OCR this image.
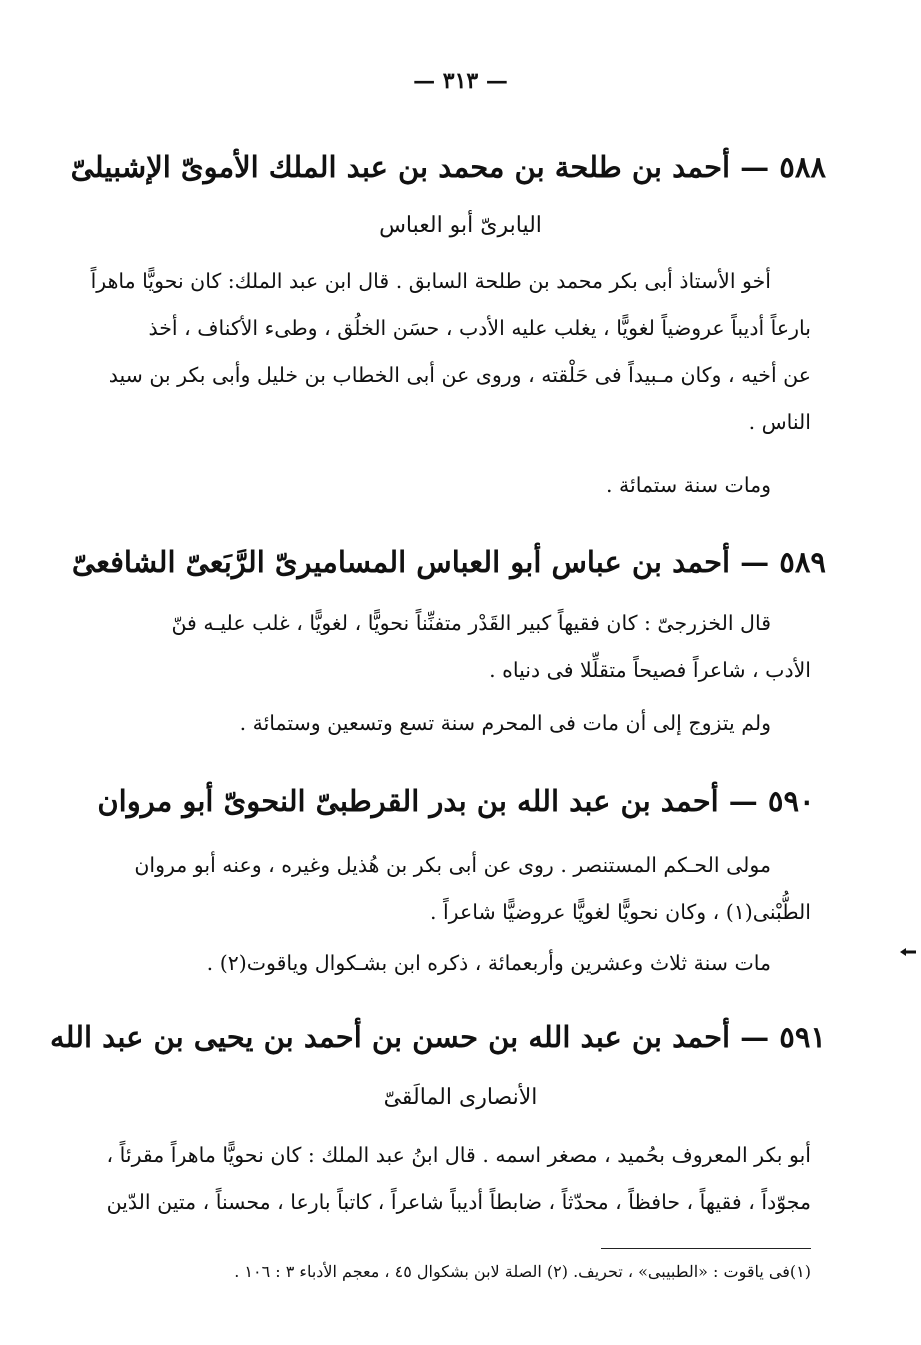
— ٣١٣ —
٥٨٨ — أحمد بن طلحة بن محمد بن عبد الملك الأموىّ الإشبيلىّ
اليابرىّ أبو العباس
أخو الأستاذ أبى بكر محمد بن طلحة السابق . قال ابن عبد الملك: كان نحويًّا ماهراً
بارعاً أديباً عروضياً لغويًّا ، يغلب عليه الأدب ، حسَن الخلُق ، وطىء الأكناف ، أخذ
عن أخيه ، وكان مـبيداً فى حَلْقته ، وروى عن أبى الخطاب بن خليل وأبى بكر بن سيد
الناس .
ومات سنة ستمائة .
٥٨٩ — أحمد بن عباس أبو العباس المساميرىّ الرَّبَعىّ الشافعىّ
قال الخزرجىّ : كان فقيهاً كبير القَدْر متفنِّناً نحويًّا ، لغويًّا ، غلب عليـه فنّ
الأدب ، شاعراً فصيحاً متقلِّلا فى دنياه .
ولم يتزوج إلى أن مات فى المحرم سنة تسع وتسعين وستمائة .
٥٩٠ — أحمد بن عبد الله بن بدر القرطبىّ النحوىّ أبو مروان
مولى الحـكم المستنصر . روى عن أبى بكر بن هُذيل وغيره ، وعنه أبو مروان
الطُّبْنى(١) ، وكان نحويًّا لغويًّا عروضيًّا شاعراً .
مات سنة ثلاث وعشرين وأربعمائة ، ذكره ابن بشـكوال وياقوت(٢) .
٥٩١ — أحمد بن عبد الله بن حسن بن أحمد بن يحيى بن عبد الله
الأنصارى المالَقىّ
أبو بكر المعروف بحُميد ، مصغر اسمه . قال ابنُ عبد الملك : كان نحويًّا ماهراً مقرئاً ،
مجوّداً ، فقيهاً ، حافظاً ، محدّثاً ، ضابطاً أديباً شاعراً ، كاتباً بارعا ، محسناً ، متين الدّين
(١)فى ياقوت : «الطبيبى» ، تحريف. (٢) الصلة لابن بشكوال ٤٥ ، معجم الأدباء ٣ : ١٠٦ .
